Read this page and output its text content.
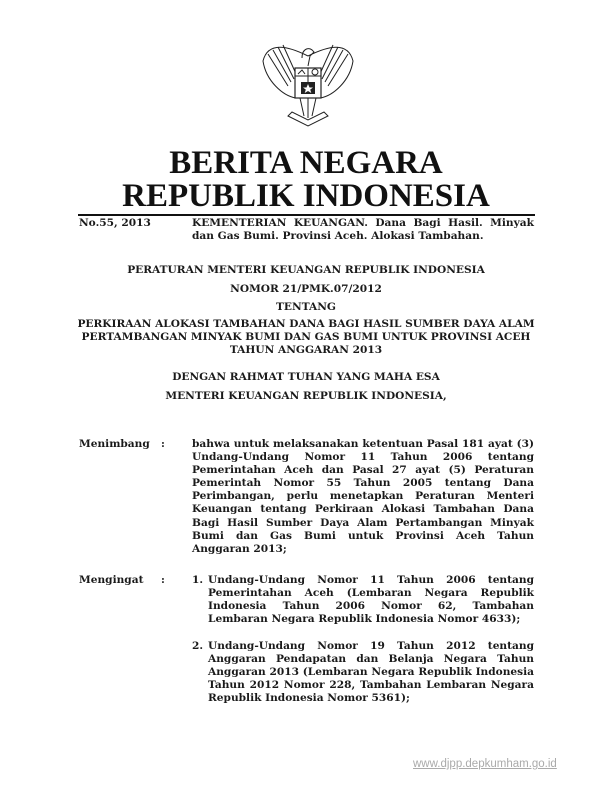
BERITA NEGARA
REPUBLIK INDONESIA
No.55, 2013	KEMENTERIAN KEUANGAN. Dana Bagi Hasil. Minyak dan Gas Bumi. Provinsi Aceh. Alokasi Tambahan.
PERATURAN MENTERI KEUANGAN REPUBLIK INDONESIA
NOMOR 21/PMK.07/2012
TENTANG
PERKIRAAN ALOKASI TAMBAHAN DANA BAGI HASIL SUMBER DAYA ALAM PERTAMBANGAN MINYAK BUMI DAN GAS BUMI UNTUK PROVINSI ACEH TAHUN ANGGARAN 2013
DENGAN RAHMAT TUHAN YANG MAHA ESA
MENTERI KEUANGAN REPUBLIK INDONESIA,
Menimbang :	bahwa untuk melaksanakan ketentuan Pasal 181 ayat (3) Undang-Undang Nomor 11 Tahun 2006 tentang Pemerintahan Aceh dan Pasal 27 ayat (5) Peraturan Pemerintah Nomor 55 Tahun 2005 tentang Dana Perimbangan, perlu menetapkan Peraturan Menteri Keuangan tentang Perkiraan Alokasi Tambahan Dana Bagi Hasil Sumber Daya Alam Pertambangan Minyak Bumi dan Gas Bumi untuk Provinsi Aceh Tahun Anggaran 2013;
Mengingat :	1. Undang-Undang Nomor 11 Tahun 2006 tentang Pemerintahan Aceh (Lembaran Negara Republik Indonesia Tahun 2006 Nomor 62, Tambahan Lembaran Negara Republik Indonesia Nomor 4633);
2. Undang-Undang Nomor 19 Tahun 2012 tentang Anggaran Pendapatan dan Belanja Negara Tahun Anggaran 2013 (Lembaran Negara Republik Indonesia Tahun 2012 Nomor 228, Tambahan Lembaran Negara Republik Indonesia Nomor 5361);
www.djpp.depkumham.go.id
